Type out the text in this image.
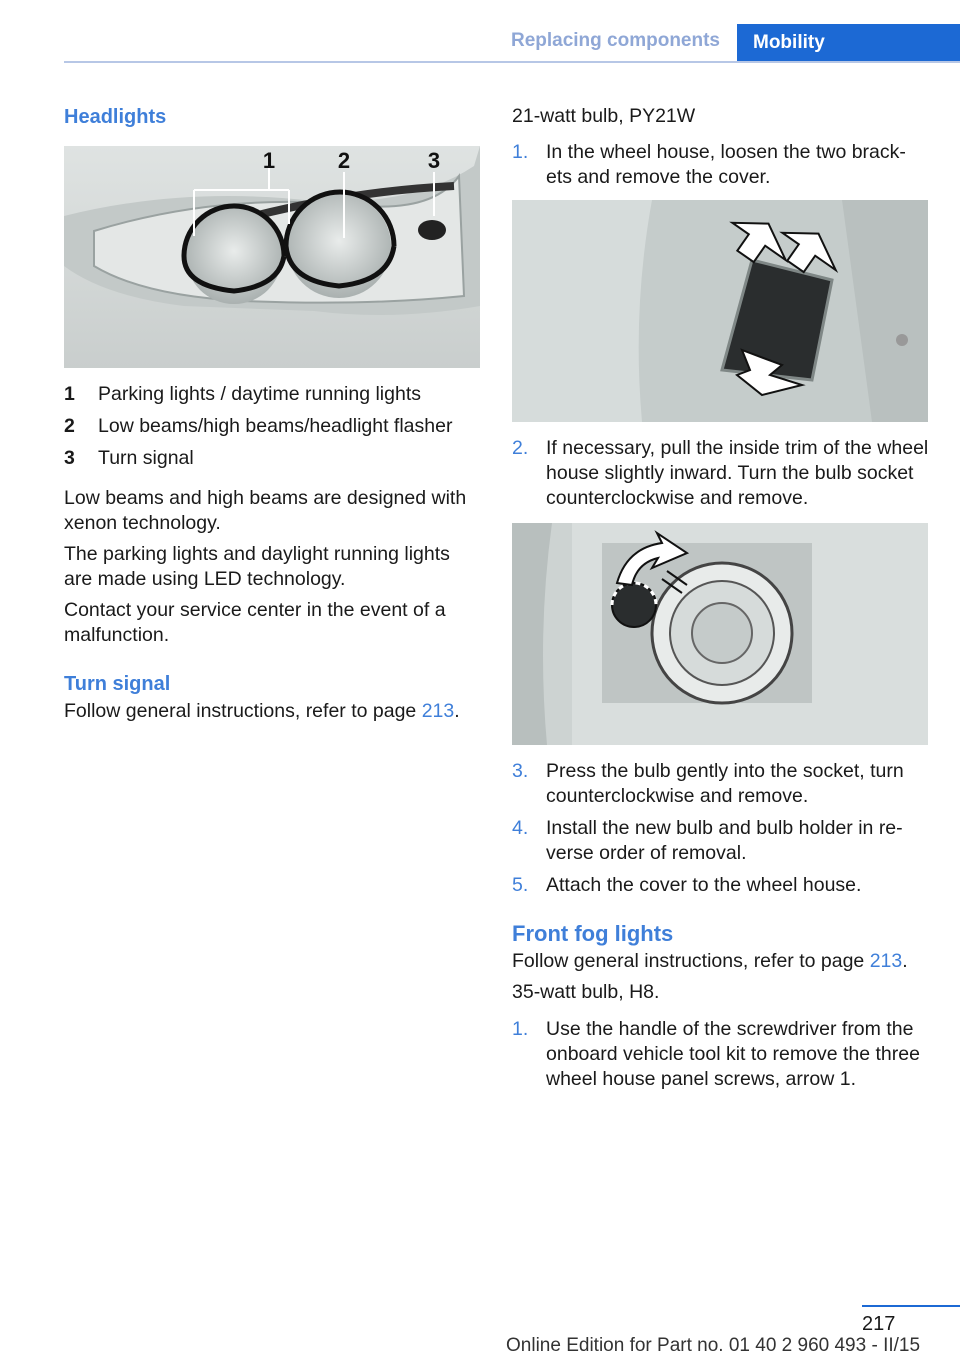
Replacing components	Mobility
Headlights
1	2	3
1	Parking lights / daytime running lights
2	Low beams/high beams/headlight flasher
3	Turn signal

Low beams and high beams are designed with xenon technology.

The parking lights and daylight running lights are made using LED technology.

Contact your service center in the event of a malfunction.

Turn signal

Follow general instructions, refer to page 213.

21-watt bulb, PY21W

1. In the wheel house, loosen the two brack‐ ets and remove the cover.
2. If necessary, pull the inside trim of the wheel house slightly inward. Turn the bulb socket counterclockwise and remove.
3. Press the bulb gently into the socket, turn counterclockwise and remove.
4. Install the new bulb and bulb holder in re‐ verse order of removal.
5. Attach the cover to the wheel house.
Front fog lights

Follow general instructions, refer to page 213.

35-watt bulb, H8.

1. Use the handle of the screwdriver from the onboard vehicle tool kit to remove the three wheel house panel screws, arrow 1.
217
Online Edition for Part no. 01 40 2 960 493 - II/15
